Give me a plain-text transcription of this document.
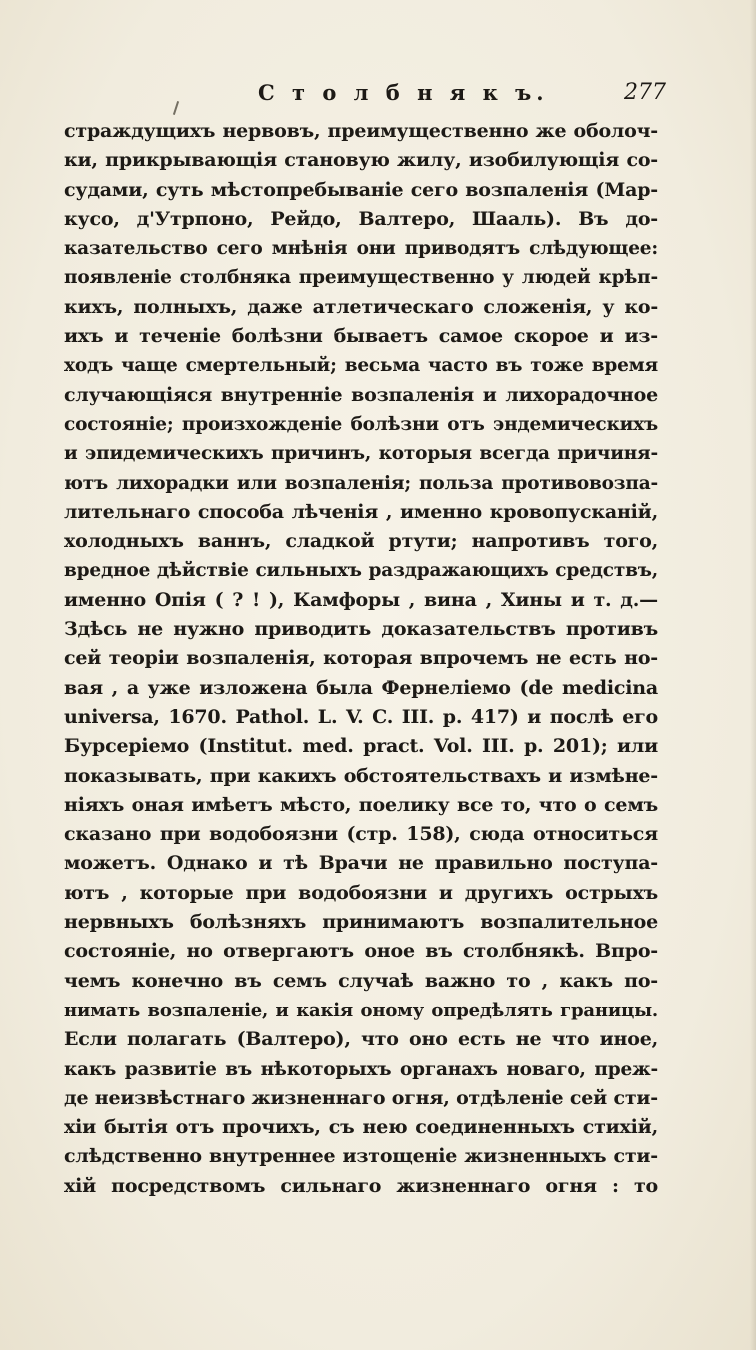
С т о л б н я к ъ.	277
страждущихъ нервовъ, преимущественно же оболоч-
ки, прикрывающія становую жилу, изобилующія со-
судами, суть мѣстопребываніе сего возпаленія (Мар-
кусо, д'Утрпоно, Рейдо, Валтеро, Шааль). Въ до-
казательство сего мнѣнія они приводятъ слѣдующее:
появленіе столбняка преимущественно у людей крѣп-
кихъ, полныхъ, даже атлетическаго сложенія, у ко-
ихъ и теченіе болѣзни бываетъ самое скорое и из-
ходъ чаще смертельный; весьма часто въ тоже время
случающіяся внутренніе возпаленія и лихорадочное
состояніе; произхожденіе болѣзни отъ эндемическихъ
и эпидемическихъ причинъ, которыя всегда причиня-
ютъ лихорадки или возпаленія; польза противовозпа-
лительнаго способа лѣченія , именно кровопусканій,
холодныхъ ваннъ, сладкой ртути; напротивъ того,
вредное дѣйствіе сильныхъ раздражающихъ средствъ,
именно Опія ( ? ! ), Камфоры , вина , Хины и т. д.—
Здѣсь не нужно приводить доказательствъ противъ
сей теоріи возпаленія, которая впрочемъ не есть но-
вая , а уже изложена была Фернеліемо (de medicina
universa, 1670. Pathol. L. V. C. III. p. 417) и послѣ его
Бурсеріемо (Institut. med. pract. Vol. III. p. 201); или
показывать, при какихъ обстоятельствахъ и измѣне-
ніяхъ оная имѣетъ мѣсто, поелику все то, что о семъ
сказано при водобоязни (стр. 158), сюда относиться
можетъ. Однако и тѣ Врачи не правильно поступа-
ютъ , которые при водобоязни и другихъ острыхъ
нервныхъ болѣзняхъ принимаютъ возпалительное
состояніе, но отвергаютъ оное въ столбнякѣ. Впро-
чемъ конечно въ семъ случаѣ важно то , какъ по-
нимать возпаленіе, и какія оному опредѣлять границы.
Если полагать (Валтеро), что оно есть не что иное,
какъ развитіе въ нѣкоторыхъ органахъ новаго, преж-
де неизвѣстнаго жизненнаго огня, отдѣленіе сей сти-
хіи бытія отъ прочихъ, съ нею соединенныхъ стихій,
слѣдственно внутреннее изтощеніе жизненныхъ сти-
хій посредствомъ сильнаго жизненнаго огня : то
